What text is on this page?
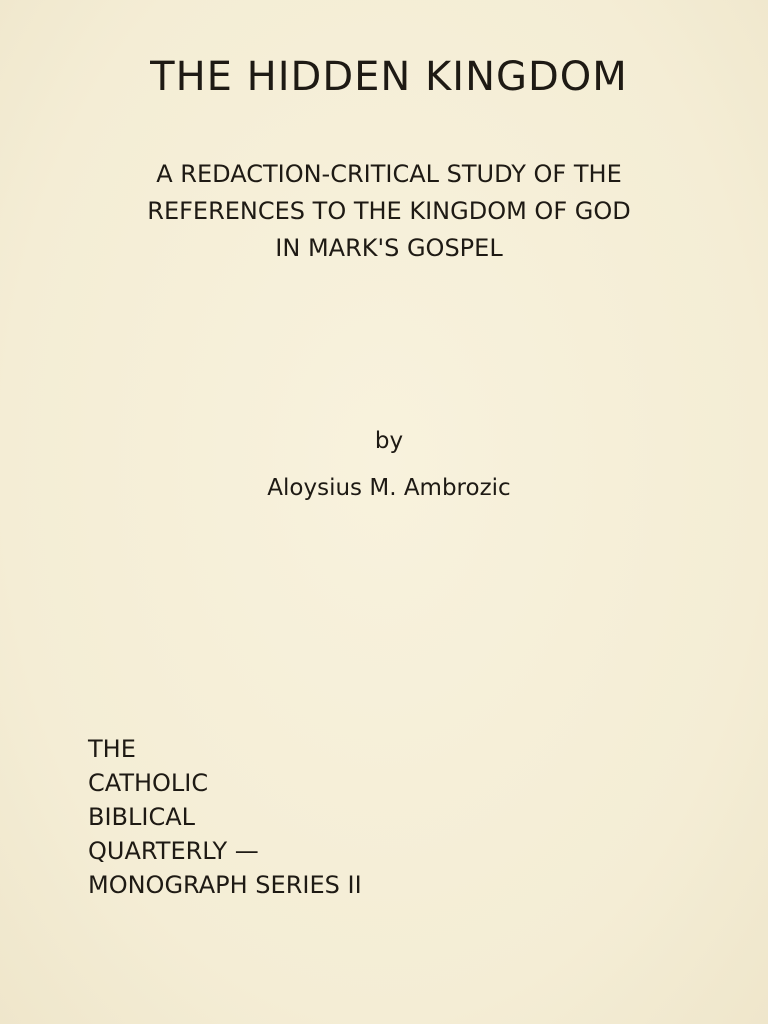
THE HIDDEN KINGDOM
A REDACTION-CRITICAL STUDY OF THE
REFERENCES TO THE KINGDOM OF GOD
IN MARK'S GOSPEL
by
Aloysius M. Ambrozic
THE
CATHOLIC
BIBLICAL
QUARTERLY —
MONOGRAPH SERIES II
